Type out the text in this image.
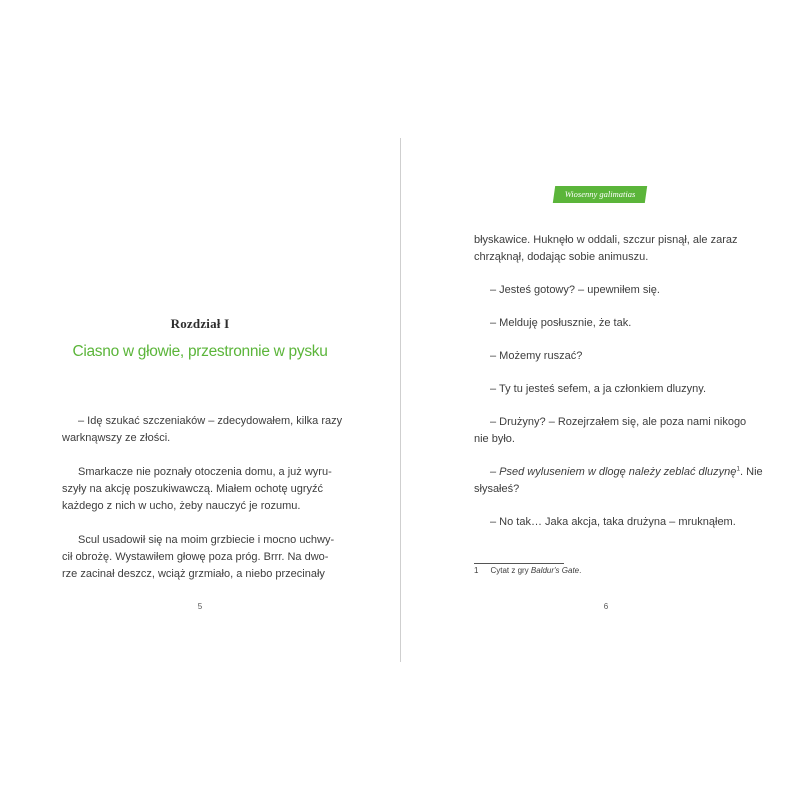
Rozdział I
Ciasno w głowie, przestronnie w pysku
– Idę szukać szczeniaków – zdecydowałem, kilka razy
warknąwszy ze złości.
Smarkacze nie poznały otoczenia domu, a już wyru-
szyły na akcję poszukiwawczą. Miałem ochotę ugryźć
każdego z nich w ucho, żeby nauczyć je rozumu.
Scul usadowił się na moim grzbiecie i mocno uchwy-
cił obrożę. Wystawiłem głowę poza próg. Brrr. Na dwo-
rze zacinał deszcz, wciąż grzmiało, a niebo przecinały
5
Wiosenny galimatias
błyskawice. Huknęło w oddali, szczur pisnął, ale zaraz
chrząknął, dodając sobie animuszu.
– Jesteś gotowy? – upewniłem się.
– Melduję posłusznie, że tak.
– Możemy ruszać?
– Ty tu jesteś sefem, a ja członkiem dluzyny.
– Drużyny? – Rozejrzałem się, ale poza nami nikogo
nie było.
– Psed wyluseniem w dlogę należy zeblać dluzynę$^1$. Nie
słysałeś?
– No tak… Jaka akcja, taka drużyna – mruknąłem.
1 Cytat z gry Baldur's Gate.
6
